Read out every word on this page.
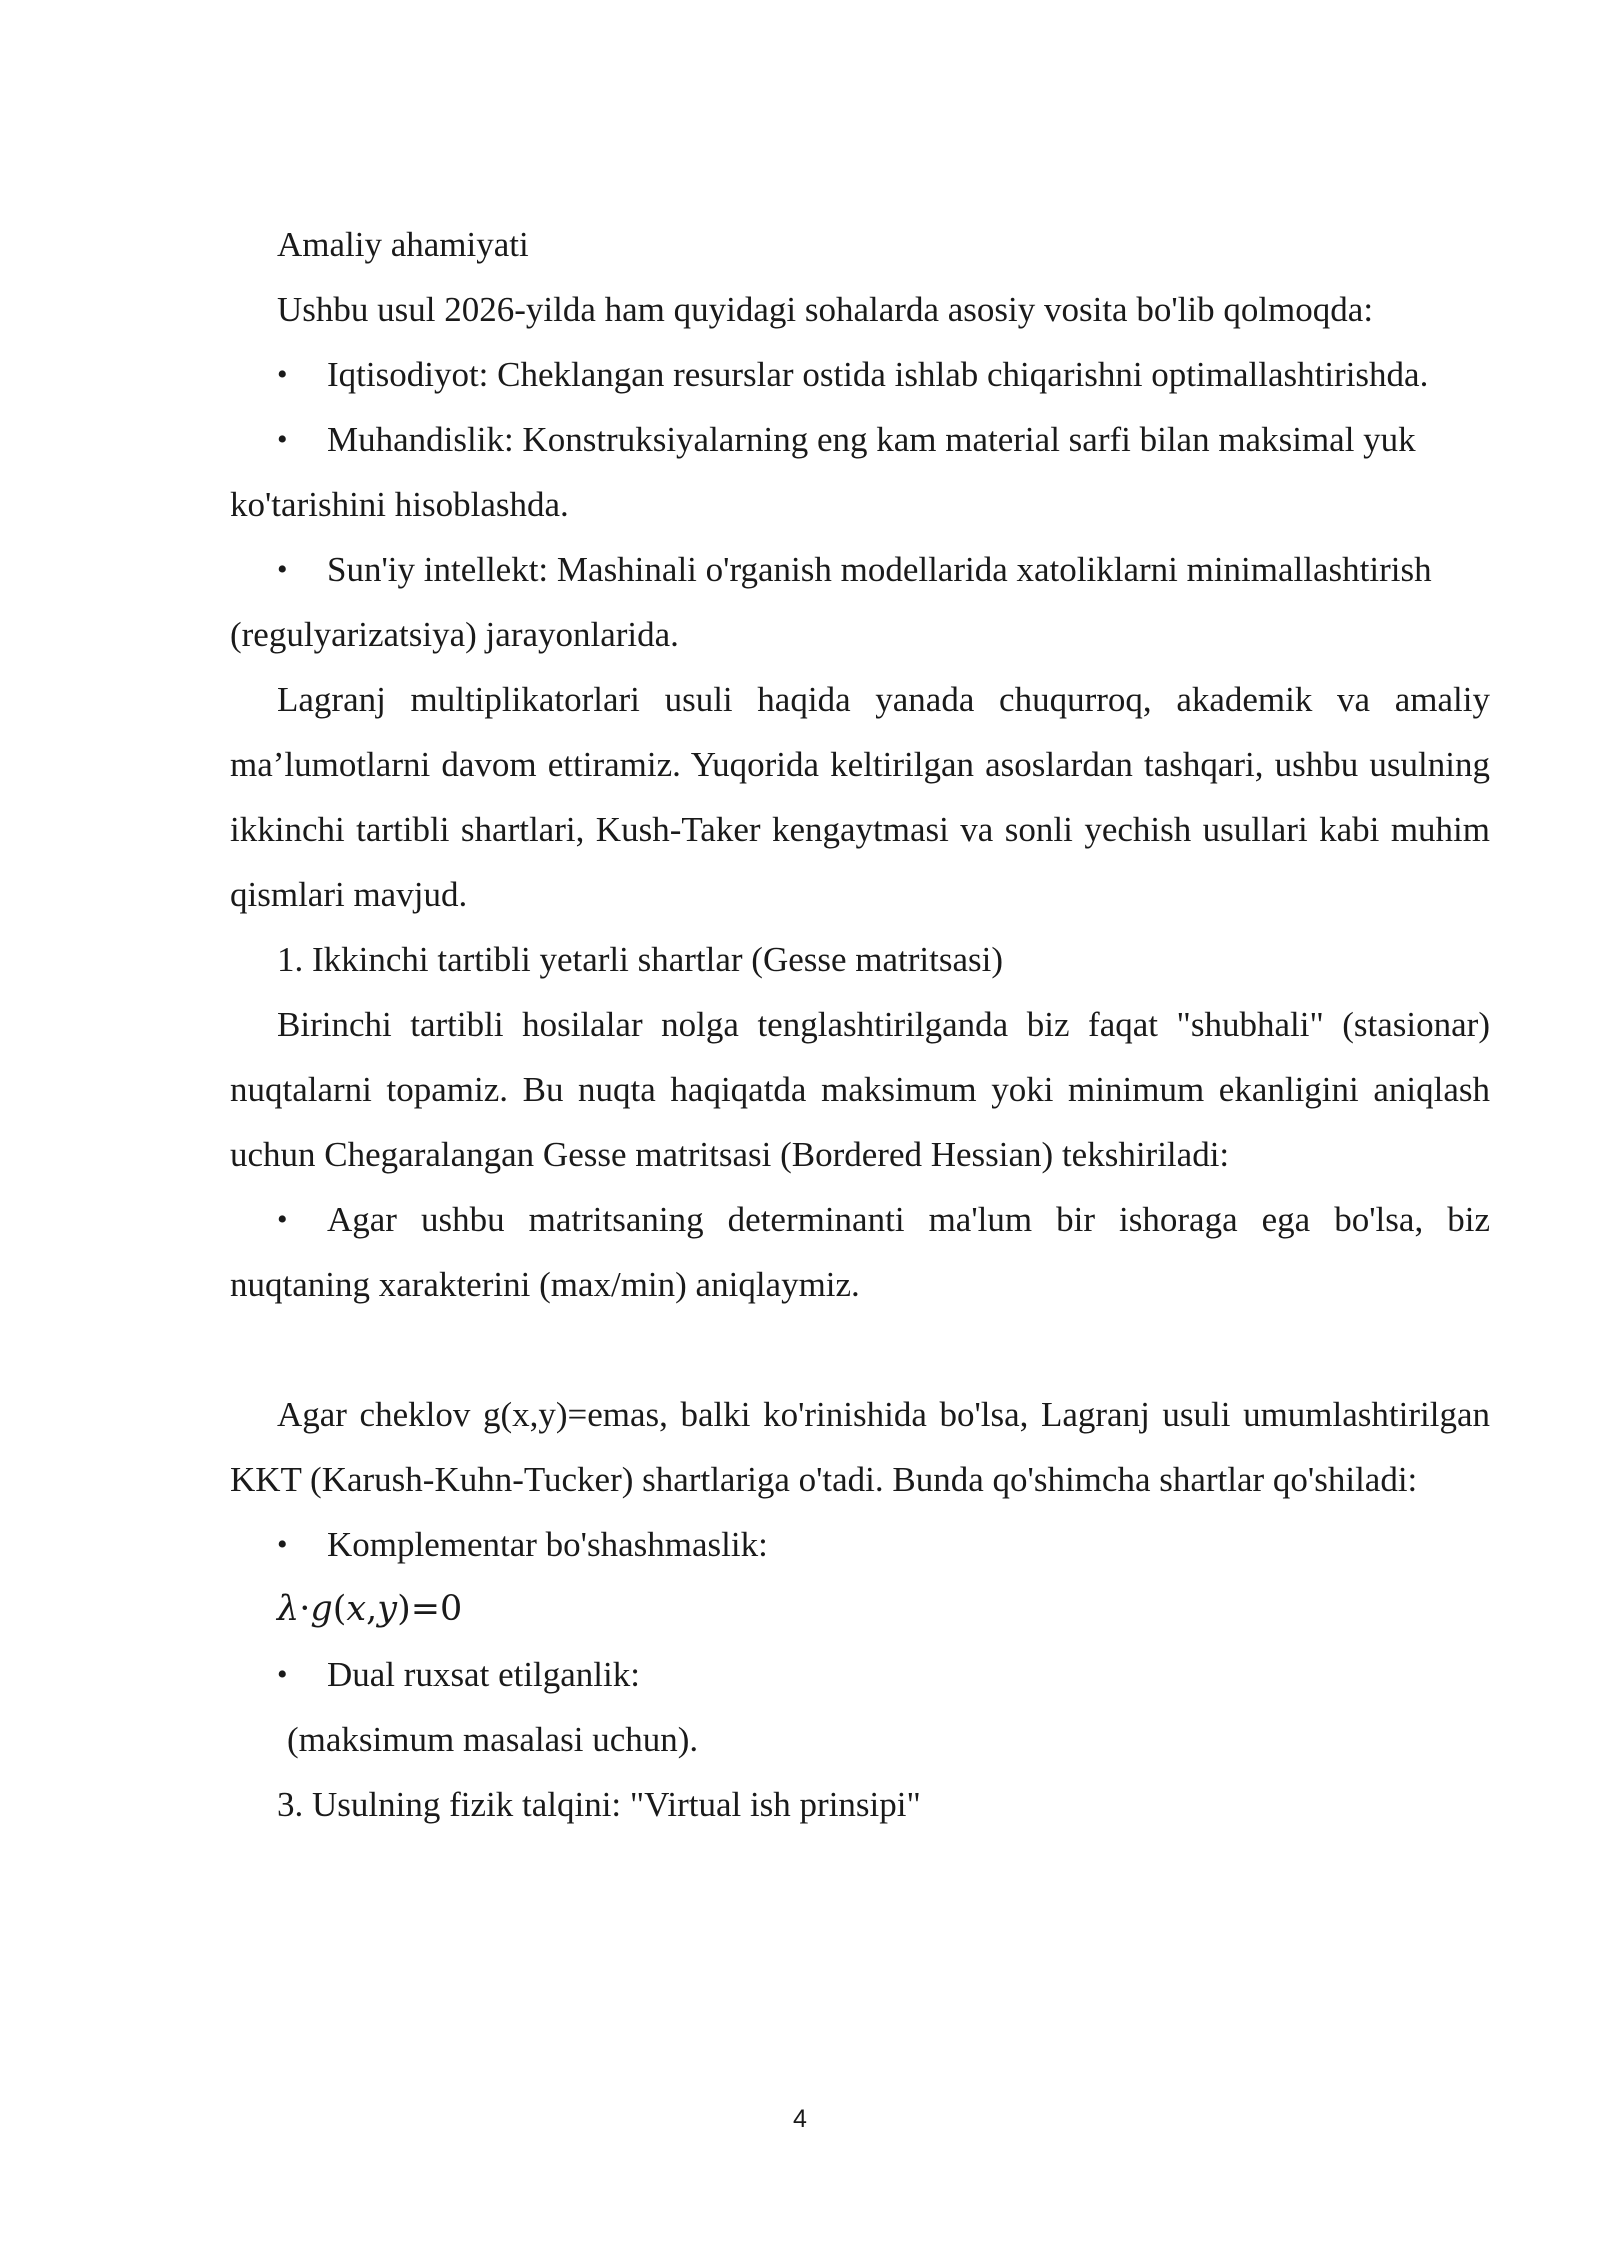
Amaliy ahamiyati

Ushbu usul 2026-yilda ham quyidagi sohalarda asosiy vosita bo'lib qolmoqda:

• Iqtisodiyot: Cheklangan resurslar ostida ishlab chiqarishni optimallashtirishda.

• Muhandislik: Konstruksiyalarning eng kam material sarfi bilan maksimal yuk ko'tarishini hisoblashda.

• Sun'iy intellekt: Mashinali o'rganish modellarida xatoliklarni minimallashtirish (regulyarizatsiya) jarayonlarida.

Lagranj multiplikatorlari usuli haqida yanada chuqurroq, akademik va amaliy ma’lumotlarni davom ettiramiz. Yuqorida keltirilgan asoslardan tashqari, ushbu usulning ikkinchi tartibli shartlari, Kush-Taker kengaytmasi va sonli yechish usullari kabi muhim qismlari mavjud.

1. Ikkinchi tartibli yetarli shartlar (Gesse matritsasi)

Birinchi tartibli hosilalar nolga tenglashtirilganda biz faqat "shubhali" (stasionar) nuqtalarni topamiz. Bu nuqta haqiqatda maksimum yoki minimum ekanligini aniqlash uchun Chegaralangan Gesse matritsasi (Bordered Hessian) tekshiriladi:

• Agar ushbu matritsaning determinanti ma'lum bir ishoraga ega bo'lsa, biz nuqtaning xarakterini (max/min) aniqlaymiz.

Agar cheklov g(x,y)=emas, balki ko'rinishida bo'lsa, Lagranj usuli umumlashtirilgan KKT (Karush-Kuhn-Tucker) shartlariga o'tadi. Bunda qo'shimcha shartlar qo'shiladi:

• Komplementar bo'shashmaslik:

λ·g(x,y)=0

• Dual ruxsat etilganlik:

(maksimum masalasi uchun).

3. Usulning fizik talqini: "Virtual ish prinsipi"

4
